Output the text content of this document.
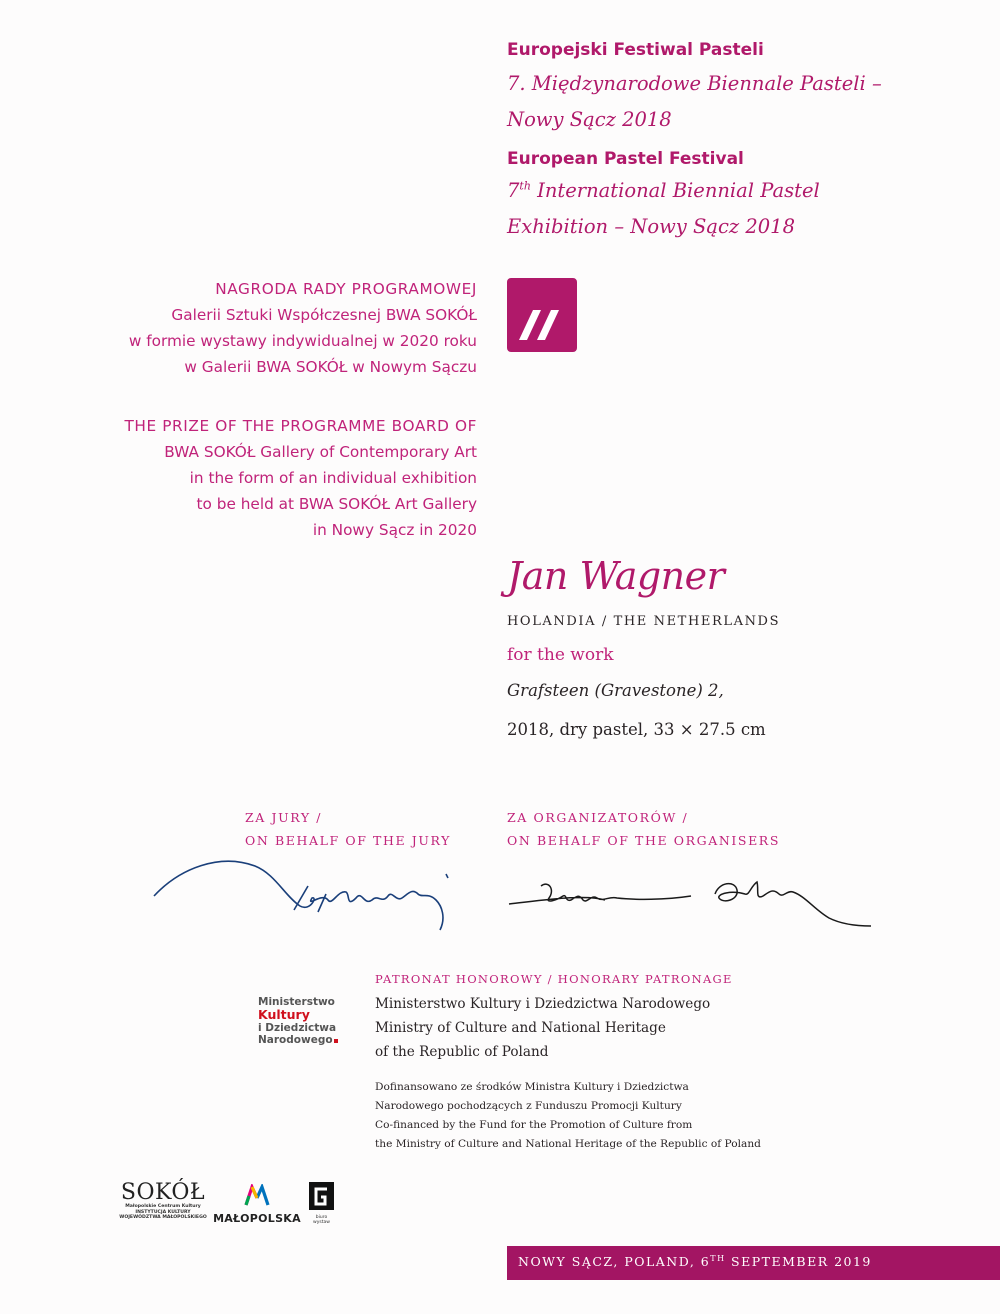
Europejski Festiwal Pasteli

7. Międzynarodowe Biennale Pasteli –

Nowy Sącz 2018

European Pastel Festival

7th International Biennial Pastel

Exhibition – Nowy Sącz 2018

NAGRODA RADY PROGRAMOWEJ
Galerii Sztuki Współczesnej BWA SOKÓŁ
w formie wystawy indywidualnej w 2020 roku
w Galerii BWA SOKÓŁ w Nowym Sączu
THE PRIZE OF THE PROGRAMME BOARD OF
BWA SOKÓŁ Gallery of Contemporary Art
in the form of an individual exhibition
to be held at BWA SOKÓŁ Art Gallery
in Nowy Sącz in 2020

Jan Wagner

HOLANDIA / THE NETHERLANDS
for the work
Grafsteen (Gravestone) 2,
2018, dry pastel, 33 × 27.5 cm
ZA JURY /
ON BEHALF OF THE JURY
ZA ORGANIZATORÓW /
ON BEHALF OF THE ORGANISERS
Ministerstwo
Kultury
i Dziedzictwa
Narodowego
PATRONAT HONOROWY / HONORARY PATRONAGE
Ministerstwo Kultury i Dziedzictwa Narodowego
Ministry of Culture and National Heritage
of the Republic of Poland
Dofinansowano ze środków Ministra Kultury i Dziedzictwa
Narodowego pochodzących z Funduszu Promocji Kultury
Co-financed by the Fund for the Promotion of Culture from
the Ministry of Culture and National Heritage of the Republic of Poland
SOKÓŁ
Małopolskie Centrum Kultury
INSTYTUCJA KULTURY
WOJEWÓDZTWA MAŁOPOLSKIEGO MAŁOPOLSKA	biuro wystaw
NOWY SĄCZ, POLAND, 6TH SEPTEMBER 2019
